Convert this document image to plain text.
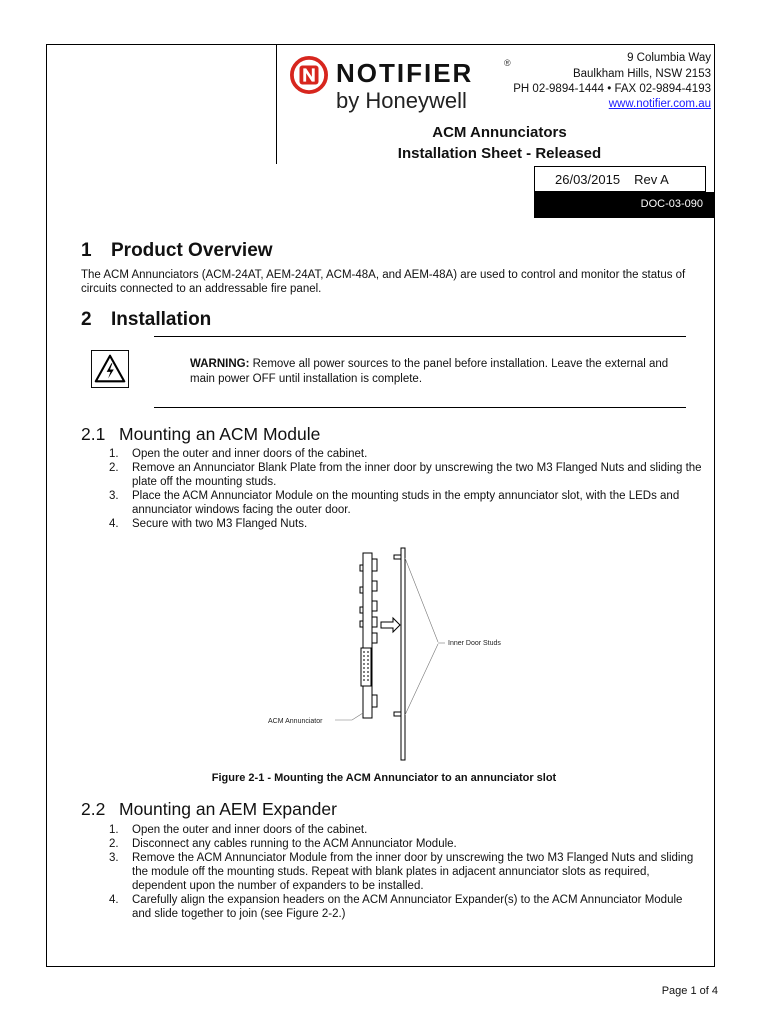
NOTIFIER	®
by Honeywell
9 Columbia Way
Baulkham Hills, NSW 2153
PH 02-9894-1444 • FAX 02-9894-4193
www.notifier.com.au
ACM Annunciators
Installation Sheet - Released
26/03/2015 Rev A
DOC-03-090
1 Product Overview
The ACM Annunciators (ACM-24AT, AEM-24AT, ACM-48A, and AEM-48A) are used to control and monitor the status of circuits connected to an addressable fire panel.
2 Installation
WARNING: Remove all power sources to the panel before installation. Leave the external and main power OFF until installation is complete.
2.1 Mounting an ACM Module
1. Open the outer and inner doors of the cabinet.
2. Remove an Annunciator Blank Plate from the inner door by unscrewing the two M3 Flanged Nuts and sliding the plate off the mounting studs.
3. Place the ACM Annunciator Module on the mounting studs in the empty annunciator slot, with the LEDs and annunciator windows facing the outer door.
4. Secure with two M3 Flanged Nuts.
Inner Door Studs
ACM Annunciator
Figure 2-1 - Mounting the ACM Annunciator to an annunciator slot
2.2 Mounting an AEM Expander
1. Open the outer and inner doors of the cabinet.
2. Disconnect any cables running to the ACM Annunciator Module.
3. Remove the ACM Annunciator Module from the inner door by unscrewing the two M3 Flanged Nuts and sliding the module off the mounting studs. Repeat with blank plates in adjacent annunciator slots as required, dependent upon the number of expanders to be installed.
4. Carefully align the expansion headers on the ACM Annunciator Expander(s) to the ACM Annunciator Module and slide together to join (see Figure 2-2.)
Page 1 of 4
